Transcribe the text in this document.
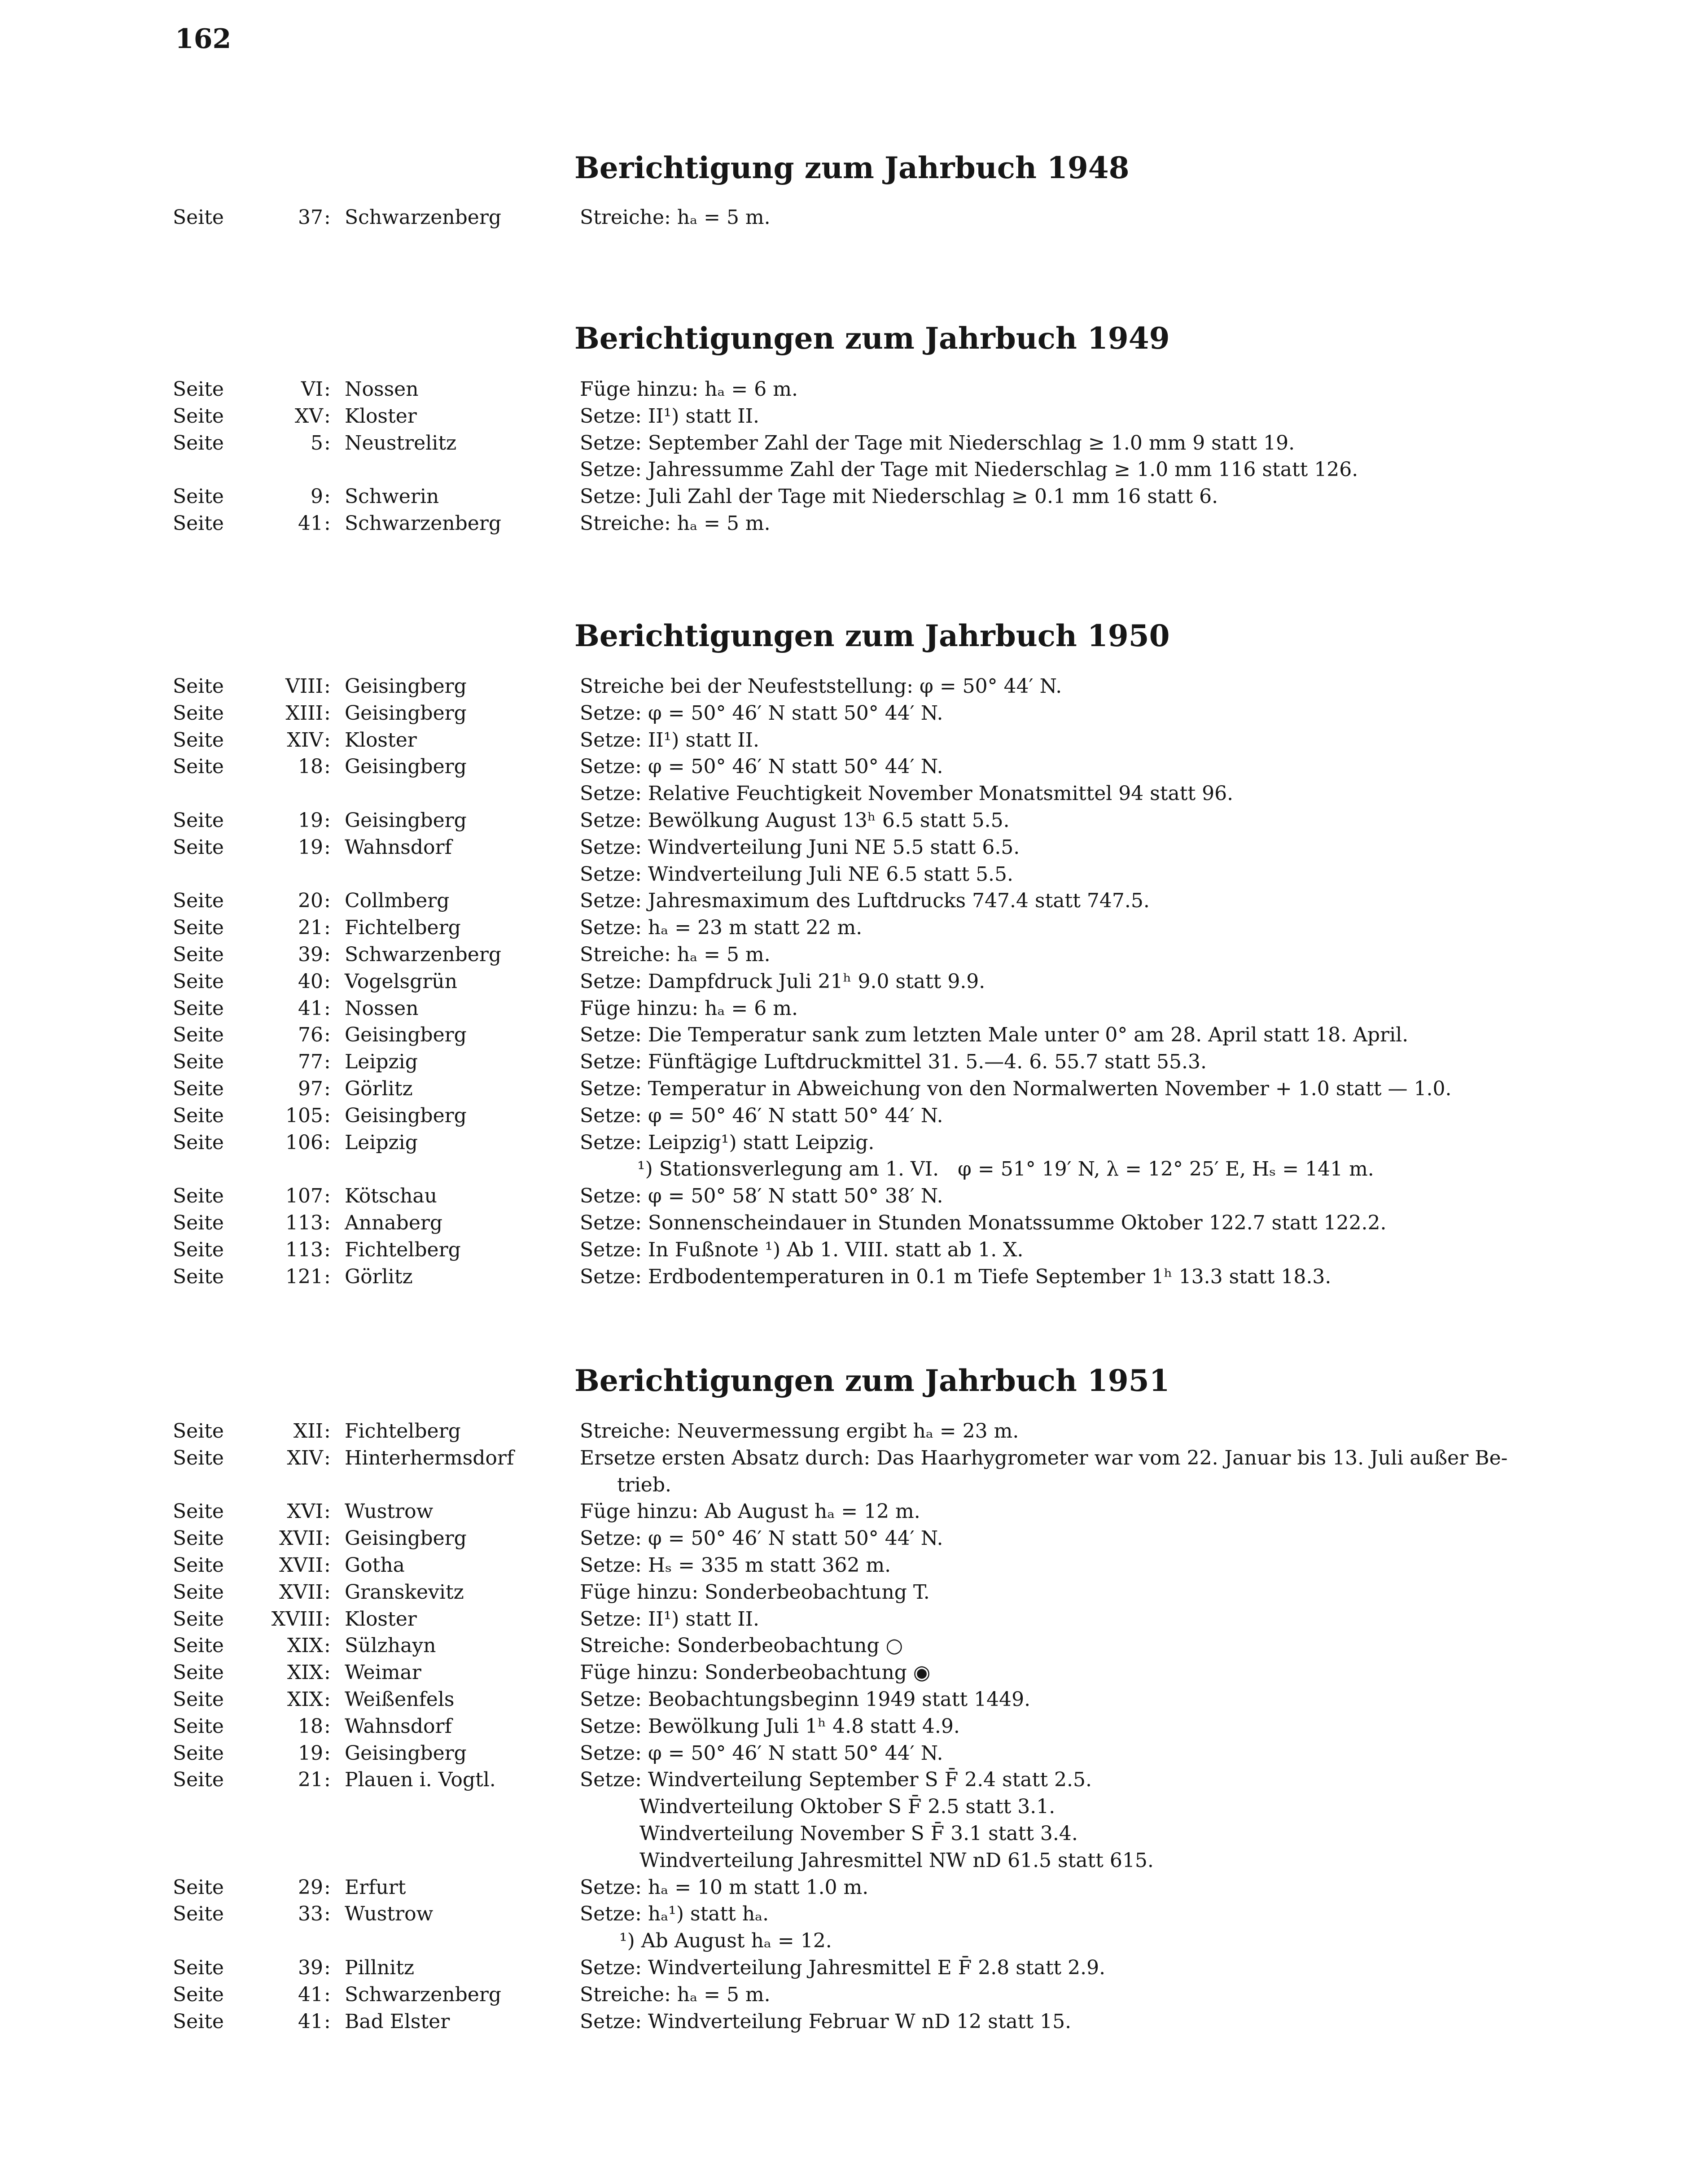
162
Berichtigung zum Jahrbuch 1948
Seite	37 : Schwarzenberg	Streiche: hₐ = 5 m.
Berichtigungen zum Jahrbuch 1949
Seite	VI : Nossen	Füge hinzu: hₐ = 6 m.
Seite	XV : Kloster	Setze: II¹) statt II.
Seite	5 : Neustrelitz	Setze: September Zahl der Tage mit Niederschlag ≥ 1.0 mm 9 statt 19.
Setze: Jahressumme Zahl der Tage mit Niederschlag ≥ 1.0 mm 116 statt 126.
Seite	9 : Schwerin	Setze: Juli Zahl der Tage mit Niederschlag ≥ 0.1 mm 16 statt 6.
Seite	41 : Schwarzenberg	Streiche: hₐ = 5 m.
Berichtigungen zum Jahrbuch 1950
Seite	VIII : Geisingberg	Streiche bei der Neufeststellung: φ = 50° 44′ N.
Seite	XIII : Geisingberg	Setze: φ = 50° 46′ N statt 50° 44′ N.
Seite	XIV : Kloster	Setze: II¹) statt II.
Seite	18 : Geisingberg	Setze: φ = 50° 46′ N statt 50° 44′ N.
Setze: Relative Feuchtigkeit November Monatsmittel 94 statt 96.
Seite	19 : Geisingberg	Setze: Bewölkung August 13ʰ 6.5 statt 5.5.
Seite	19 : Wahnsdorf	Setze: Windverteilung Juni NE 5.5 statt 6.5.
Setze: Windverteilung Juli NE 6.5 statt 5.5.
Seite	20 : Collmberg	Setze: Jahresmaximum des Luftdrucks 747.4 statt 747.5.
Seite	21 : Fichtelberg	Setze: hₐ = 23 m statt 22 m.
Seite	39 : Schwarzenberg	Streiche: hₐ = 5 m.
Seite	40 : Vogelsgrün	Setze: Dampfdruck Juli 21ʰ 9.0 statt 9.9.
Seite	41 : Nossen	Füge hinzu: hₐ = 6 m.
Seite	76 : Geisingberg	Setze: Die Temperatur sank zum letzten Male unter 0° am 28. April statt 18. April.
Seite	77 : Leipzig	Setze: Fünftägige Luftdruckmittel 31. 5.—4. 6. 55.7 statt 55.3.
Seite	97 : Görlitz	Setze: Temperatur in Abweichung von den Normalwerten November + 1.0 statt — 1.0.
Seite	105 : Geisingberg	Setze: φ = 50° 46′ N statt 50° 44′ N.
Seite	106 : Leipzig	Setze: Leipzig¹) statt Leipzig.
¹) Stationsverlegung am 1. VI.   φ = 51° 19′ N, λ = 12° 25′ E, Hₛ = 141 m.
Seite	107 : Kötschau	Setze: φ = 50° 58′ N statt 50° 38′ N.
Seite	113 : Annaberg	Setze: Sonnenscheindauer in Stunden Monatssumme Oktober 122.7 statt 122.2.
Seite	113 : Fichtelberg	Setze: In Fußnote ¹) Ab 1. VIII. statt ab 1. X.
Seite	121 : Görlitz	Setze: Erdbodentemperaturen in 0.1 m Tiefe September 1ʰ 13.3 statt 18.3.
Berichtigungen zum Jahrbuch 1951
Seite	XII : Fichtelberg	Streiche: Neuvermessung ergibt hₐ = 23 m.
Seite	XIV : Hinterhermsdorf	Ersetze ersten Absatz durch: Das Haarhygrometer war vom 22. Januar bis 13. Juli außer Be-
trieb.
Seite	XVI : Wustrow	Füge hinzu: Ab August hₐ = 12 m.
Seite	XVII : Geisingberg	Setze: φ = 50° 46′ N statt 50° 44′ N.
Seite	XVII : Gotha	Setze: Hₛ = 335 m statt 362 m.
Seite	XVII : Granskevitz	Füge hinzu: Sonderbeobachtung T.
Seite	XVIII : Kloster	Setze: II¹) statt II.
Seite	XIX : Sülzhayn	Streiche: Sonderbeobachtung ○
Seite	XIX : Weimar	Füge hinzu: Sonderbeobachtung ◉
Seite	XIX : Weißenfels	Setze: Beobachtungsbeginn 1949 statt 1449.
Seite	18 : Wahnsdorf	Setze: Bewölkung Juli 1ʰ 4.8 statt 4.9.
Seite	19 : Geisingberg	Setze: φ = 50° 46′ N statt 50° 44′ N.
Seite	21 : Plauen i. Vogtl.	Setze: Windverteilung September S F̄ 2.4 statt 2.5.
Windverteilung Oktober S F̄ 2.5 statt 3.1.
Windverteilung November S F̄ 3.1 statt 3.4.
Windverteilung Jahresmittel NW nD 61.5 statt 615.
Seite	29 : Erfurt	Setze: hₐ = 10 m statt 1.0 m.
Seite	33 : Wustrow	Setze: hₐ¹) statt hₐ.
¹) Ab August hₐ = 12.
Seite	39 : Pillnitz	Setze: Windverteilung Jahresmittel E F̄ 2.8 statt 2.9.
Seite	41 : Schwarzenberg	Streiche: hₐ = 5 m.
Seite	41 : Bad Elster	Setze: Windverteilung Februar W nD 12 statt 15.
